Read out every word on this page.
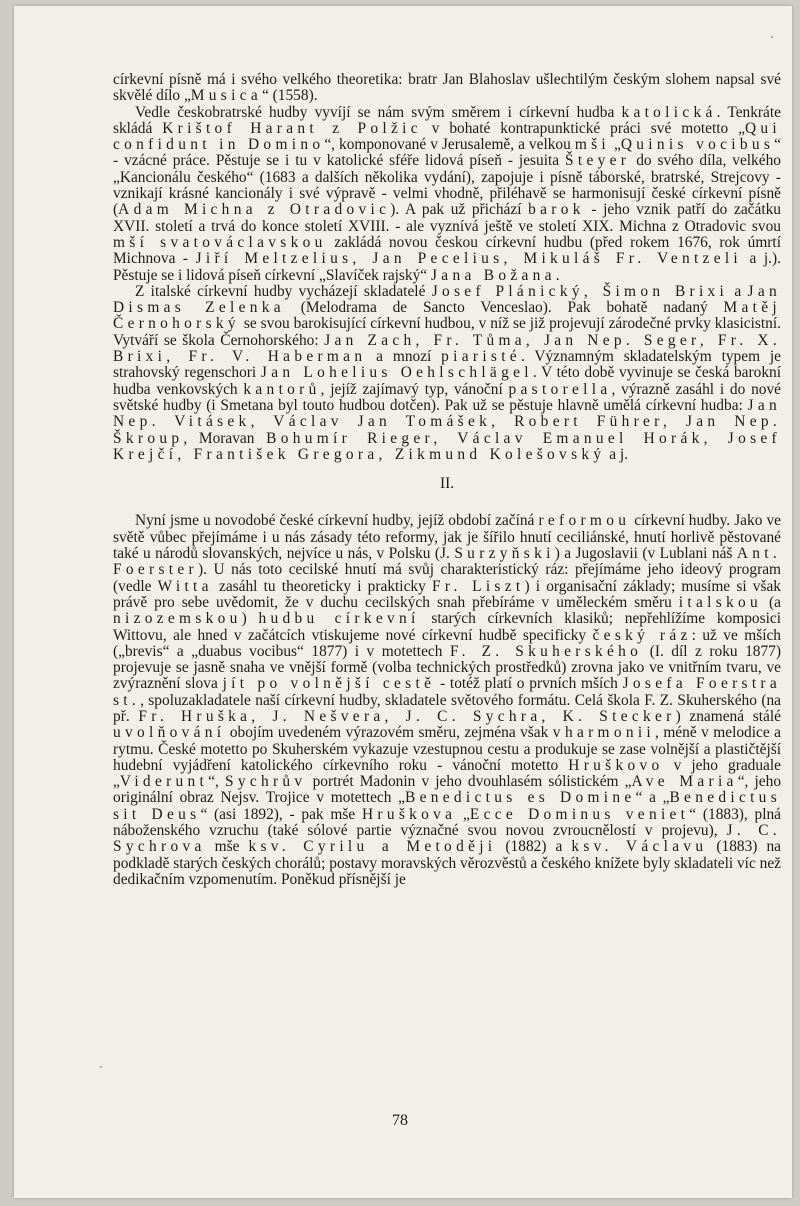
církevní písně má i svého velkého theoretika: bratr Jan Blahoslav ušlechtilým českým slohem napsal své skvělé dílo „Musica“ (1558).

Vedle českobratrské hudby vyvíjí se nám svým směrem i církevní hudba katolická. Tenkráte skládá Krištof Harant z Polžic v bohaté kontrapunktické práci své motetto „Qui confidunt in Domino“, komponované v Jerusalemě, a velkou mši „Quinis vocibus“ - vzácné práce. Pěstuje se i tu v katolické sféře lidová píseň - jesuita Šteyer do svého díla, velkého „Kancionálu českého“ (1683 a dalších několika vydání), zapojuje i písně táborské, bratrské, Strejcovy - vznikají krásné kancionály i své výpravě - velmi vhodně, přiléhavě se harmonisují české církevní písně (Adam Michna z Otradovic). A pak už přichází barok - jeho vznik patří do začátku XVII. století a trvá do konce století XVIII. - ale vyznívá ještě ve století XIX. Michna z Otradovic svou mší svatováclavskou zakládá novou českou církevní hudbu (před rokem 1676, rok úmrtí Michnova - Jiří Meltzelius, Jan Pecelius, Mikuláš Fr. Ventzeli a j.). Pěstuje se i lidová píseň církevní „Slavíček rajský“ Jana Božana.

Z italské církevní hudby vycházejí skladatelé Josef Plánický, Šimon Brixi a Jan Dismas Zelenka (Melodrama de Sancto Venceslao). Pak bohatě nadaný Matěj Černohorský se svou barokisující církevní hudbou, v níž se již projevují zárodečné prvky klasicistní. Vytváří se škola Černohorského: Jan Zach, Fr. Tůma, Jan Nep. Seger, Fr. X. Brixi, Fr. V. Haberman a mnozí piaristé. Významným skladatelským typem je strahovský regenschori Jan Lohelius Oehlschlägel. V této době vyvinuje se česká barokní hudba venkovských kantorů, jejíž zajímavý typ, vánoční pastorella, výrazně zasáhl i do nové světské hudby (i Smetana byl touto hudbou dotčen). Pak už se pěstuje hlavně umělá církevní hudba: Jan Nep. Vitásek, Václav Jan Tomášek, Robert Führer, Jan Nep. Škroup, Moravan Bohumír Rieger, Václav Emanuel Horák, Josef Krejčí, František Gregora, Zikmund Kolešovský a j.

II.

Nyní jsme u novodobé české církevní hudby, jejíž období začíná reformou církevní hudby. Jako ve světě vůbec přejímáme i u nás zásady této reformy, jak je šířilo hnutí ceciliánské, hnutí horlivě pěstované také u národů slovanských, nejvíce u nás, v Polsku (J. Surzyňski) a Jugoslavii (v Lublani náš Ant. Foerster). U nás toto cecilské hnutí má svůj charakteristický ráz: přejímáme jeho ideový program (vedle Witta zasáhl tu theoreticky i prakticky Fr. Liszt) i organisační základy; musíme si však právě pro sebe uvědomit, že v duchu cecilských snah přebíráme v uměleckém směru italskou (a nizozemskou) hudbu církevní starých církevních klasiků; nepřehlížíme komposici Wittovu, ale hned v začátcích vtiskujeme nové církevní hudbě specificky český ráz: už ve mších („brevis“ a „duabus vocibus“ 1877) i v motettech F. Z. Skuherského (I. díl z roku 1877) projevuje se jasně snaha ve vnější formě (volba technických prostředků) zrovna jako ve vnitřním tvaru, ve zvýraznění slova jít po volnější cestě - totéž platí o prvních mších Josefa Foerstra st., spoluzakladatele naší církevní hudby, skladatele světového formátu. Celá škola F. Z. Skuherského (na př. Fr. Hruška, J. Nešvera, J. C. Sychra, K. Stecker) znamená stálé uvolňování obojím uvedeném výrazovém směru, zejména však v harmonii, méně v melodice a rytmu. České motetto po Skuherském vykazuje vzestupnou cestu a produkuje se zase volnější a plastičtější hudební vyjádření katolického církevního roku - vánoční motetto Hruškovo v jeho graduale „Viderunt“, Sychrův portrét Madonin v jeho dvouhlasém sólistickém „Ave Maria“, jeho originální obraz Nejsv. Trojice v motettech „Benedictus es Domine“ a „Benedictus sit Deus“ (asi 1892), - pak mše Hruškova „Ecce Dominus veniet“ (1883), plná náboženského vzruchu (také sólové partie význačné svou novou zvroucnělostí v projevu), J. C. Sychrova mše ksv. Cyrilu a Metoději (1882) a ksv. Václavu (1883) na podkladě starých českých chorálů; postavy moravských věrozvěstů a českého knížete byly skladateli víc než dedikačním vzpomenutím. Poněkud přísnější je

78
